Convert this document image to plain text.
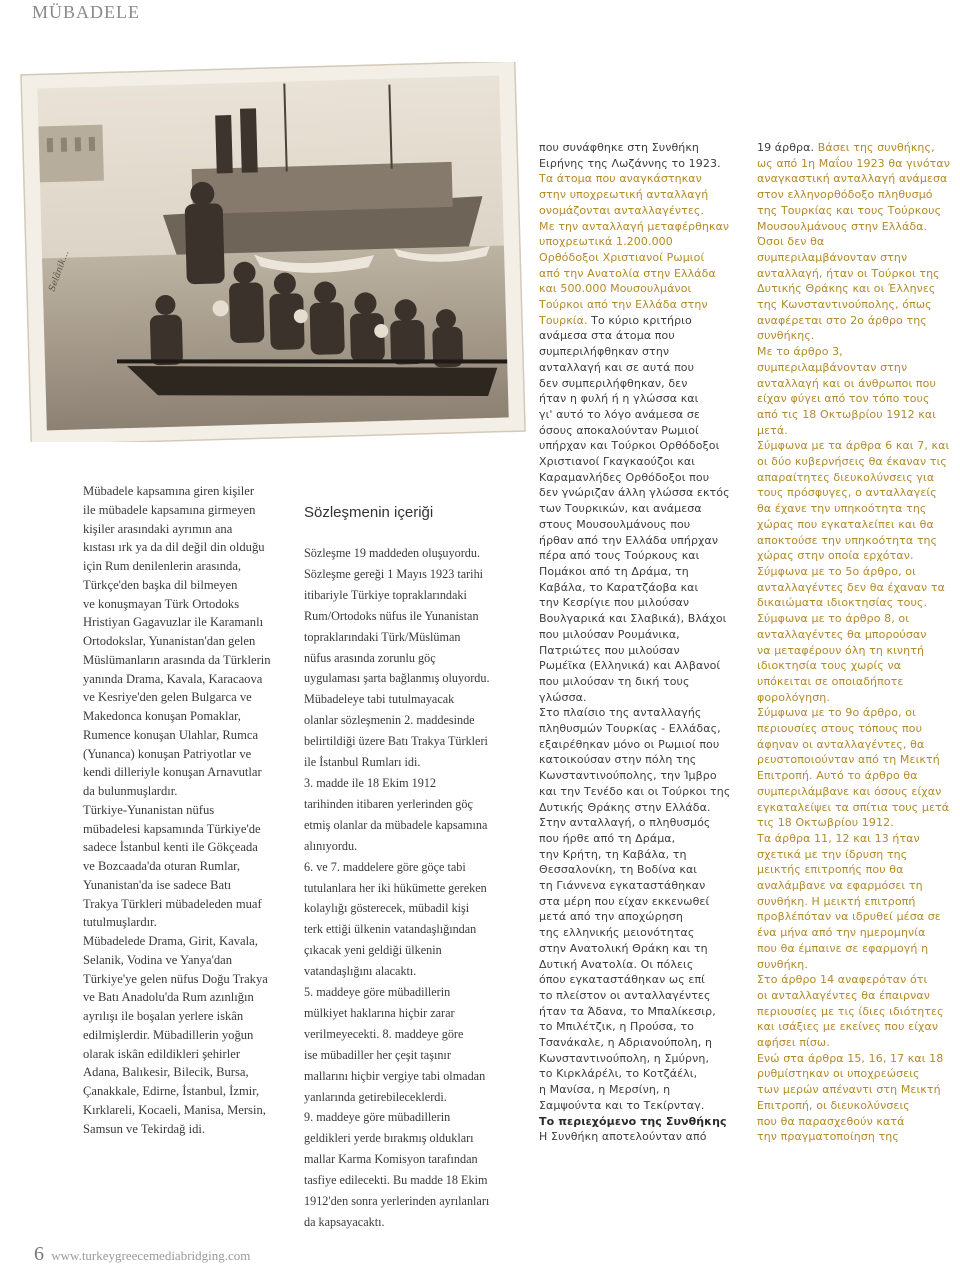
MÜBADELE
Selânik…
Mübadele kapsamına giren kişiler
ile mübadele kapsamına girmeyen
kişiler arasındaki ayrımın ana
kıstası ırk ya da dil değil din olduğu
için Rum denilenlerin arasında,
Türkçe'den başka dil bilmeyen
ve konuşmayan Türk Ortodoks
Hristiyan Gagavuzlar ile Karamanlı
Ortodokslar, Yunanistan'dan gelen
Müslümanların arasında da Türklerin
yanında Drama, Kavala, Karacaova
ve Kesriye'den gelen Bulgarca ve
Makedonca konuşan Pomaklar,
Rumence konuşan Ulahlar, Rumca
(Yunanca) konuşan Patriyotlar ve
kendi dilleriyle konuşan Arnavutlar
da bulunmuşlardır.
Türkiye-Yunanistan nüfus
mübadelesi kapsamında Türkiye'de
sadece İstanbul kenti ile Gökçeada
ve Bozcaada'da oturan Rumlar,
Yunanistan'da ise sadece Batı
Trakya Türkleri mübadeleden muaf
tutulmuşlardır.
Mübadelede Drama, Girit, Kavala,
Selanik, Vodina ve Yanya'dan
Türkiye'ye gelen nüfus Doğu Trakya
ve Batı Anadolu'da Rum azınlığın
ayrılışı ile boşalan yerlere iskân
edilmişlerdir. Mübadillerin yoğun
olarak iskân edildikleri şehirler
Adana, Balıkesir, Bilecik, Bursa,
Çanakkale, Edirne, İstanbul, İzmir,
Kırklareli, Kocaeli, Manisa, Mersin,
Samsun ve Tekirdağ idi.

Sözleşmenin içeriği

Sözleşme 19 maddeden oluşuyordu.
Sözleşme gereği 1 Mayıs 1923 tarihi
itibariyle Türkiye topraklarındaki
Rum/Ortodoks nüfus ile Yunanistan
topraklarındaki Türk/Müslüman
nüfus arasında zorunlu göç
uygulaması şarta bağlanmış oluyordu.
Mübadeleye tabi tutulmayacak
olanlar sözleşmenin 2. maddesinde
belirtildiği üzere Batı Trakya Türkleri
ile İstanbul Rumları idi.
3. madde ile 18 Ekim 1912
tarihinden itibaren yerlerinden göç
etmiş olanlar da mübadele kapsamına
alınıyordu.
6. ve 7. maddelere göre göçe tabi
tutulanlara her iki hükümette gereken
kolaylığı gösterecek, mübadil kişi
terk ettiği ülkenin vatandaşlığından
çıkacak yeni geldiği ülkenin
vatandaşlığını alacaktı.
5. maddeye göre mübadillerin
mülkiyet haklarına hiçbir zarar
verilmeyecekti. 8. maddeye göre
ise mübadiller her çeşit taşınır
mallarını hiçbir vergiye tabi olmadan
yanlarında getirebileceklerdi.
9. maddeye göre mübadillerin
geldikleri yerde bırakmış oldukları
mallar Karma Komisyon tarafından
tasfiye edilecekti. Bu madde 18 Ekim
1912'den sonra yerlerinden ayrılanları
da kapsayacaktı.

που συνάφθηκε στη Συνθήκη
Ειρήνης της Λωζάννης το 1923.
Τα άτομα που αναγκάστηκαν
στην υποχρεωτική ανταλλαγή
ονομάζονται ανταλλαγέντες.
Με την ανταλλαγή μεταφέρθηκαν
υποχρεωτικά 1.200.000
Ορθόδοξοι Χριστιανοί Ρωμιοί
από την Ανατολία στην Ελλάδα
και 500.000 Μουσουλμάνοι
Τούρκοι από την Ελλάδα στην
Τουρκία. Το κύριο κριτήριο
ανάμεσα στα άτομα που
συμπεριλήφθηκαν στην
ανταλλαγή και σε αυτά που
δεν συμπεριλήφθηκαν, δεν
ήταν η φυλή ή η γλώσσα και
γι' αυτό το λόγο ανάμεσα σε
όσους αποκαλούνταν Ρωμιοί
υπήρχαν και Τούρκοι Ορθόδοξοι
Χριστιανοί Γκαγκαούζοι και
Καραμανλήδες Ορθόδοξοι που
δεν γνώριζαν άλλη γλώσσα εκτός
των Τουρκικών, και ανάμεσα
στους Μουσουλμάνους που
ήρθαν από την Ελλάδα υπήρχαν
πέρα από τους Τούρκους και
Πομάκοι από τη Δράμα, τη
Καβάλα, το Καρατζάοβα και
την Κεσρίγιε που μιλούσαν
Βουλγαρικά και Σλαβικά), Βλάχοι
που μιλούσαν Ρουμάνικα,
Πατριώτες που μιλούσαν
Ρωμέϊκα (Ελληνικά) και Αλβανοί
που μιλούσαν τη δική τους
γλώσσα.
Στο πλαίσιο της ανταλλαγής
πληθυσμών Τουρκίας - Ελλάδας,
εξαιρέθηκαν μόνο οι Ρωμιοί που
κατοικούσαν στην πόλη της
Κωνσταντινούπολης, την Ίμβρο
και την Τενέδο και οι Τούρκοι της
Δυτικής Θράκης στην Ελλάδα.
Στην ανταλλαγή, ο πληθυσμός
που ήρθε από τη Δράμα,
την Κρήτη, τη Καβάλα, τη
Θεσσαλονίκη, τη Βοδίνα και
τη Γιάννενα εγκαταστάθηκαν
στα μέρη που είχαν εκκενωθεί
μετά από την αποχώρηση
της ελληνικής μειονότητας
στην Ανατολική Θράκη και τη
Δυτική Ανατολία. Οι πόλεις
όπου εγκαταστάθηκαν ως επί
το πλείστον οι ανταλλαγέντες
ήταν τα Άδανα, το Μπαλίκεσιρ,
το Μπιλέτζικ, η Προύσα, το
Τσανάκαλε, η Αδριανούπολη, η
Κωνσταντινούπολη, η Σμύρνη,
το Κιρκλάρέλι, το Κοτζάέλι,
η Μανίσα, η Μερσίνη, η
Σαμψούντα και το Τεκίρνταγ.
Το περιεχόμενο της Συνθήκης
Η Συνθήκη αποτελούνταν από
19 άρθρα. Βάσει της συνθήκης,
ως από 1η Μαΐου 1923 θα γινόταν
αναγκαστική ανταλλαγή ανάμεσα
στον ελληνορθόδοξο πληθυσμό
της Τουρκίας και τους Τούρκους
Μουσουλμάνους στην Ελλάδα.
Όσοι δεν θα
συμπεριλαμβάνονταν στην
ανταλλαγή, ήταν οι Τούρκοι της
Δυτικής Θράκης και οι Έλληνες
της Κωνσταντινούπολης, όπως
αναφέρεται στο 2ο άρθρο της
συνθήκης.
Με το άρθρο 3,
συμπεριλαμβάνονταν στην
ανταλλαγή και οι άνθρωποι που
είχαν φύγει από τον τόπο τους
από τις 18 Οκτωβρίου 1912 και
μετά.
Σύμφωνα με τα άρθρα 6 και 7, και
οι δύο κυβερνήσεις θα έκαναν τις
απαραίτητες διευκολύνσεις για
τους πρόσφυγες, ο ανταλλαγείς
θα έχανε την υπηκοότητα της
χώρας που εγκαταλείπει και θα
αποκτούσε την υπηκοότητα της
χώρας στην οποία ερχόταν.
Σύμφωνα με το 5ο άρθρο, οι
ανταλλαγέντες δεν θα έχαναν τα
δικαιώματα ιδιοκτησίας τους.
Σύμφωνα με το άρθρο 8, οι
ανταλλαγέντες θα μπορούσαν
να μεταφέρουν όλη τη κινητή
ιδιοκτησία τους χωρίς να
υπόκειται σε οποιαδήποτε
φορολόγηση.
Σύμφωνα με το 9ο άρθρο, οι
περιουσίες στους τόπους που
άφηναν οι ανταλλαγέντες, θα
ρευστοποιούνταν από τη Μεικτή
Επιτροπή. Αυτό το άρθρο θα
συμπεριλάμβανε και όσους είχαν
εγκαταλείψει τα σπίτια τους μετά
τις 18 Οκτωβρίου 1912.
Τα άρθρα 11, 12 και 13 ήταν
σχετικά με την ίδρυση της
μεικτής επιτροπής που θα
αναλάμβανε να εφαρμόσει τη
συνθήκη. Η μεικτή επιτροπή
προβλέπόταν να ιδρυθεί μέσα σε
ένα μήνα από την ημερομηνία
που θα έμπαινε σε εφαρμογή η
συνθήκη.
Στο άρθρο 14 αναφερόταν ότι
οι ανταλλαγέντες θα έπαιρναν
περιουσίες με τις ίδιες ιδιότητες
και ισάξιες με εκείνες που είχαν
αφήσει πίσω.
Ενώ στα άρθρα 15, 16, 17 και 18
ρυθμίστηκαν οι υποχρεώσεις
των μερών απέναντι στη Μεικτή
Επιτροπή, οι διευκολύνσεις
που θα παρασχεθούν κατά
την πραγματοποίηση της
6 www.turkeygreecemediabridging.com
